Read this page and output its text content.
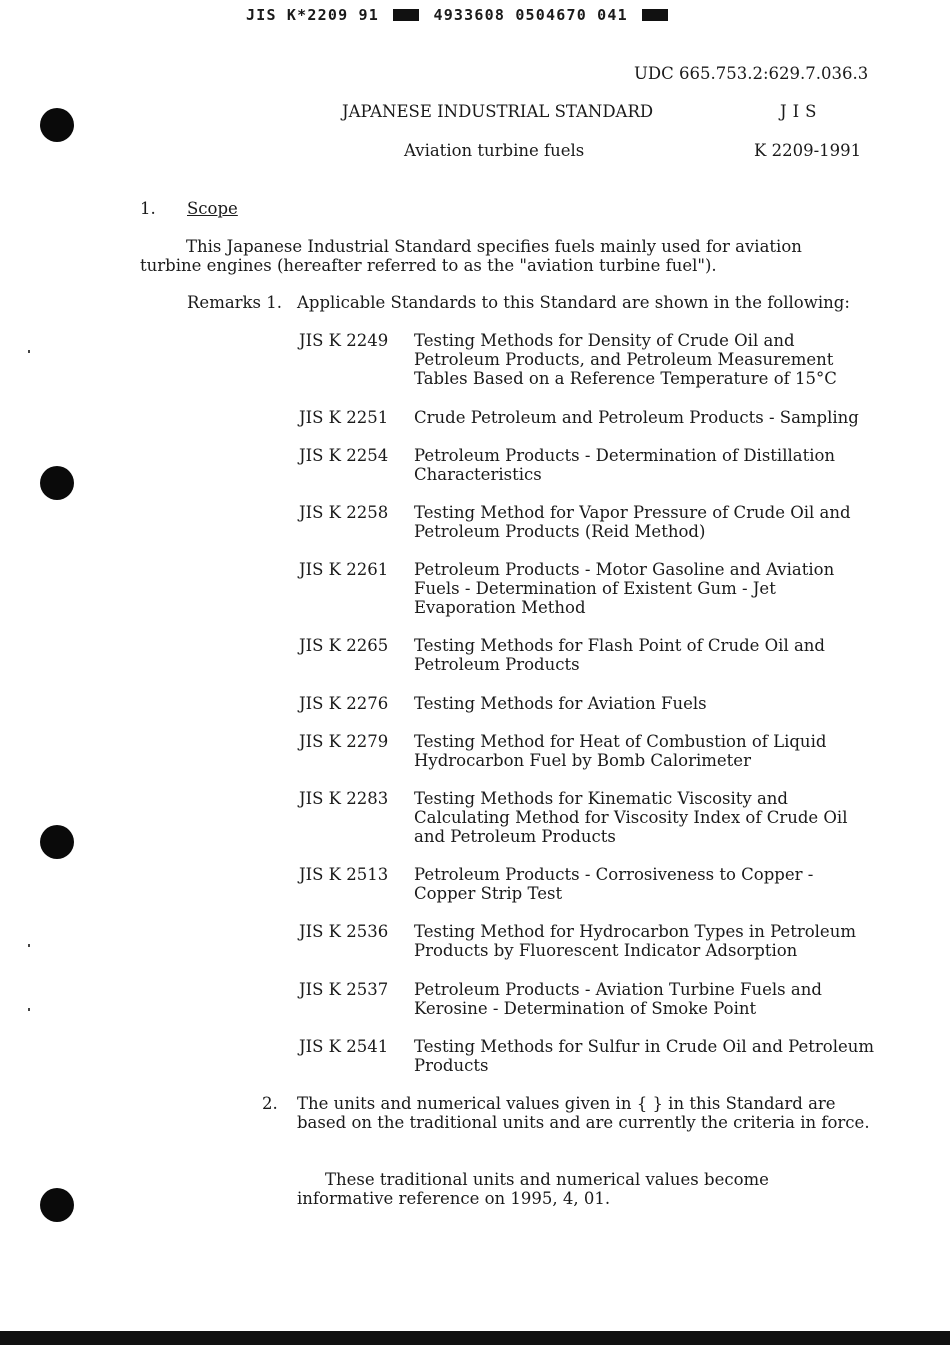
JIS K*2209 91	4933608 0504670 041
UDC 665.753.2:629.7.036.3
JAPANESE INDUSTRIAL STANDARD	JIS
Aviation turbine fuels	K 2209-1991
1. Scope
This Japanese Industrial Standard specifies fuels mainly used for aviation
turbine engines (hereafter referred to as the "aviation turbine fuel").
Remarks 1. Applicable Standards to this Standard are shown in the following:
JIS K 2249 Testing Methods for Density of Crude Oil and Petroleum Products, and Petroleum Measurement Tables Based on a Reference Temperature of 15°C
JIS K 2251 Crude Petroleum and Petroleum Products - Sampling
JIS K 2254 Petroleum Products - Determination of Distillation Characteristics
JIS K 2258 Testing Method for Vapor Pressure of Crude Oil and Petroleum Products (Reid Method)
JIS K 2261 Petroleum Products - Motor Gasoline and Aviation Fuels - Determination of Existent Gum - Jet Evaporation Method
JIS K 2265 Testing Methods for Flash Point of Crude Oil and Petroleum Products
JIS K 2276 Testing Methods for Aviation Fuels
JIS K 2279 Testing Method for Heat of Combustion of Liquid Hydrocarbon Fuel by Bomb Calorimeter
JIS K 2283 Testing Methods for Kinematic Viscosity and Calculating Method for Viscosity Index of Crude Oil and Petroleum Products
JIS K 2513 Petroleum Products - Corrosiveness to Copper - Copper Strip Test
JIS K 2536 Testing Method for Hydrocarbon Types in Petroleum Products by Fluorescent Indicator Adsorption
JIS K 2537 Petroleum Products - Aviation Turbine Fuels and Kerosine - Determination of Smoke Point
JIS K 2541 Testing Methods for Sulfur in Crude Oil and Petroleum Products
2. The units and numerical values given in { } in this Standard are based on the traditional units and are currently the criteria in force.
These traditional units and numerical values become
informative reference on 1995, 4, 01.
